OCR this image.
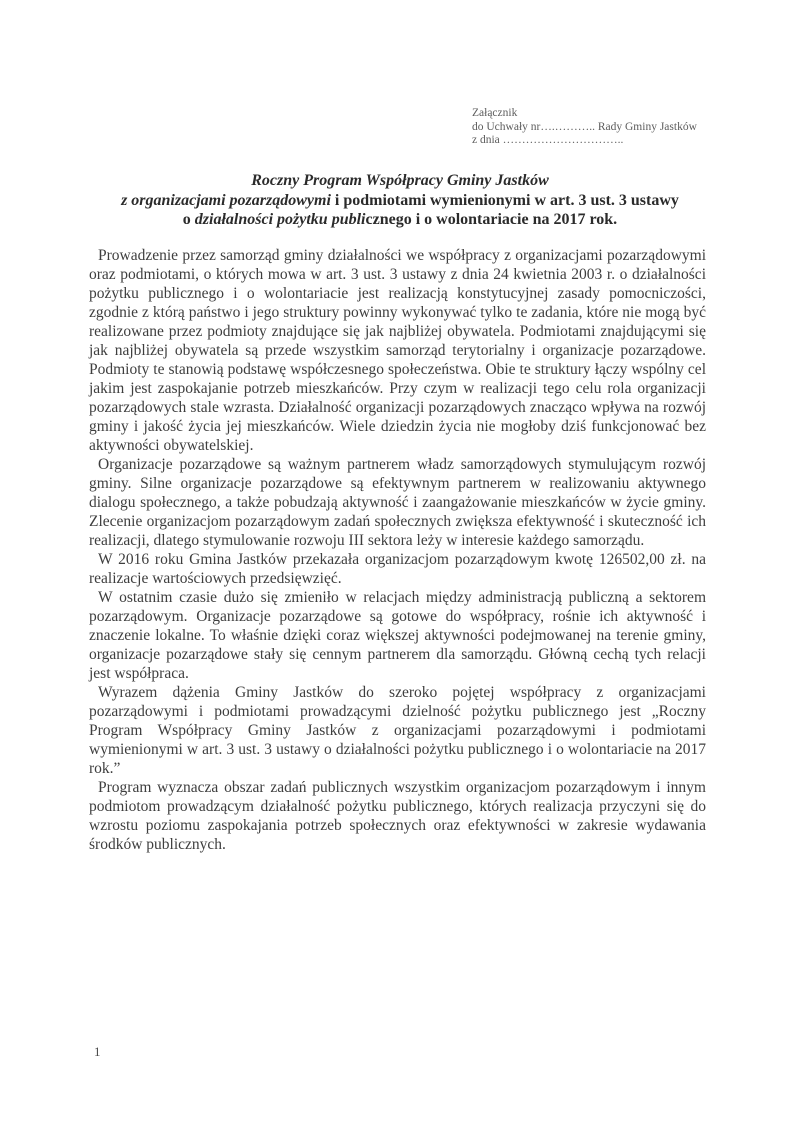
Załącznik
do Uchwały nr….……….. Rady Gminy Jastków
z dnia …………………………..
Roczny Program Współpracy Gminy Jastków
z organizacjami pozarządowymi i podmiotami wymienionymi w art. 3 ust. 3 ustawy
o działalności pożytku publicznego i o wolontariacie na 2017 rok.

Prowadzenie przez samorząd gminy działalności we współpracy z organizacjami pozarządowymi oraz podmiotami, o których mowa w art. 3 ust. 3 ustawy z dnia 24 kwietnia 2003 r. o działalności pożytku publicznego i o wolontariacie jest realizacją konstytucyjnej zasady pomocniczości, zgodnie z którą państwo i jego struktury powinny wykonywać tylko te zadania, które nie mogą być realizowane przez podmioty znajdujące się jak najbliżej obywatela. Podmiotami znajdującymi się jak najbliżej obywatela są przede wszystkim samorząd terytorialny i organizacje pozarządowe. Podmioty te stanowią podstawę współczesnego społeczeństwa. Obie te struktury łączy wspólny cel jakim jest zaspokajanie potrzeb mieszkańców. Przy czym w realizacji tego celu rola organizacji pozarządowych stale wzrasta. Działalność organizacji pozarządowych znacząco wpływa na rozwój gminy i jakość życia jej mieszkańców. Wiele dziedzin życia nie mogłoby dziś funkcjonować bez aktywności obywatelskiej.

Organizacje pozarządowe są ważnym partnerem władz samorządowych stymulującym rozwój gminy. Silne organizacje pozarządowe są efektywnym partnerem w realizowaniu aktywnego dialogu społecznego, a także pobudzają aktywność i zaangażowanie mieszkańców w życie gminy. Zlecenie organizacjom pozarządowym zadań społecznych zwiększa efektywność i skuteczność ich realizacji, dlatego stymulowanie rozwoju III sektora leży w interesie każdego samorządu.

W 2016 roku Gmina Jastków przekazała organizacjom pozarządowym kwotę 126502,00 zł. na realizacje wartościowych przedsięwzięć.

W ostatnim czasie dużo się zmieniło w relacjach między administracją publiczną a sektorem pozarządowym. Organizacje pozarządowe są gotowe do współpracy, rośnie ich aktywność i znaczenie lokalne. To właśnie dzięki coraz większej aktywności podejmowanej na terenie gminy, organizacje pozarządowe stały się cennym partnerem dla samorządu. Główną cechą tych relacji jest współpraca.

Wyrazem dążenia Gminy Jastków do szeroko pojętej współpracy z organizacjami pozarządowymi i podmiotami prowadzącymi dzielność pożytku publicznego jest „Roczny Program Współpracy Gminy Jastków z organizacjami pozarządowymi i podmiotami wymienionymi w art. 3 ust. 3 ustawy o działalności pożytku publicznego i o wolontariacie na 2017 rok.”

Program wyznacza obszar zadań publicznych wszystkim organizacjom pozarządowym i innym podmiotom prowadzącym działalność pożytku publicznego, których realizacja przyczyni się do wzrostu poziomu zaspokajania potrzeb społecznych oraz efektywności w zakresie wydawania środków publicznych.

1
